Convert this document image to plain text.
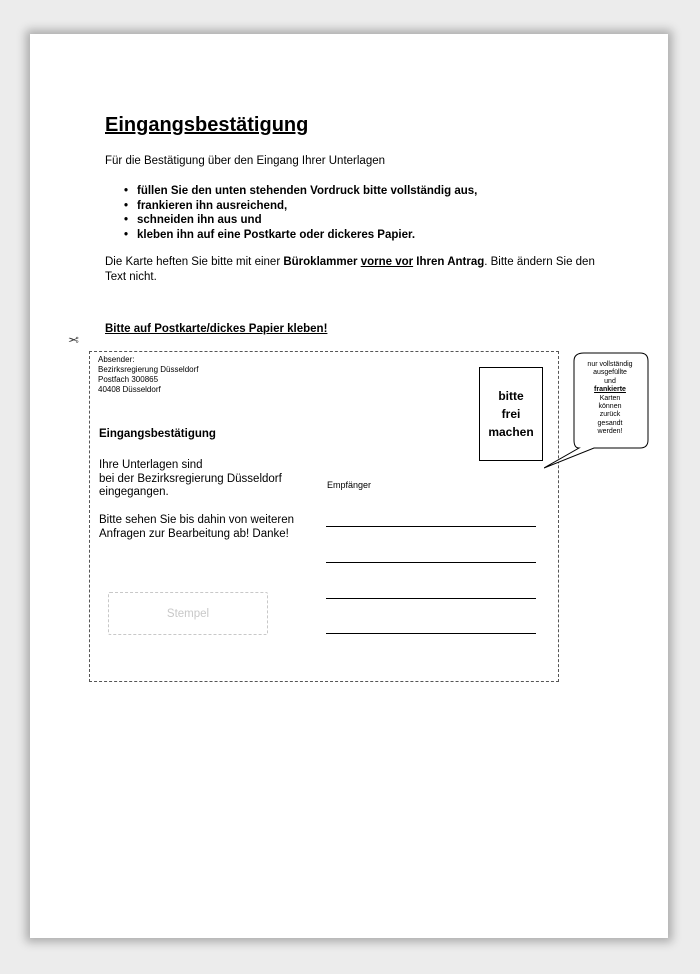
Eingangsbestätigung
Für die Bestätigung über den Eingang Ihrer Unterlagen
• füllen Sie den unten stehenden Vordruck bitte vollständig aus,
• frankieren ihn ausreichend,
• schneiden ihn aus und
• kleben ihn auf eine Postkarte oder dickeres Papier.
Die Karte heften Sie bitte mit einer Büroklammer vorne vor Ihren Antrag. Bitte ändern Sie den Text nicht.
Bitte auf Postkarte/dickes Papier kleben!
✂
Absender:
Bezirksregierung Düsseldorf
Postfach 300865
40408 Düsseldorf
Eingangsbestätigung
Ihre Unterlagen sind
bei der Bezirksregierung Düsseldorf
eingegangen.
Bitte sehen Sie bis dahin von weiteren
Anfragen zur Bearbeitung ab! Danke!
bitte
frei
machen
Empfänger
Stempel
nur vollständig
ausgefüllte
und
frankierte
Karten
können
zurück
gesandt
werden!
